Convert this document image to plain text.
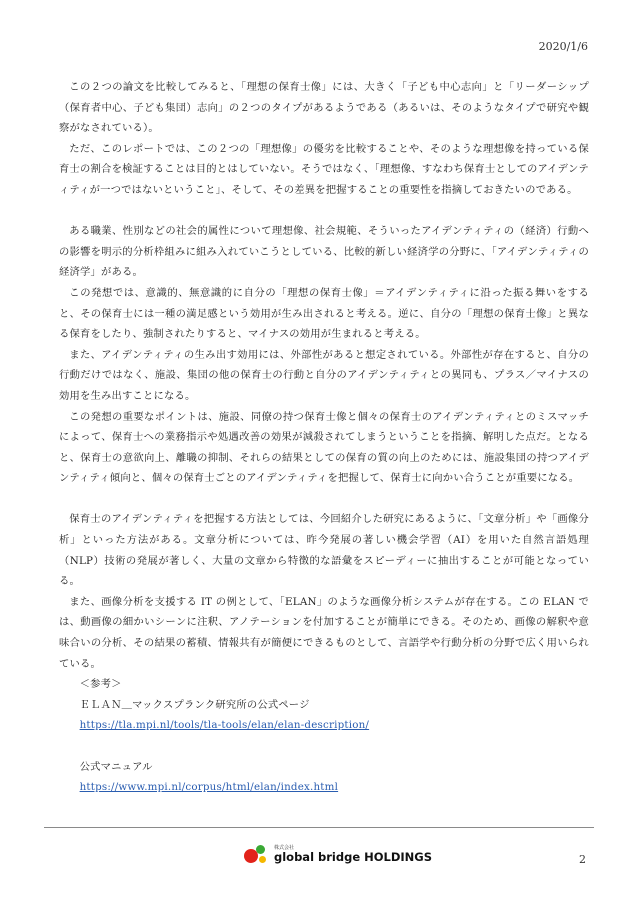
2020/1/6

この２つの論文を比較してみると、「理想の保育士像」には、大きく「子ども中心志向」と「リーダーシップ（保育者中心、子ども集団）志向」の２つのタイプがあるようである（あるいは、そのようなタイプで研究や観察がなされている）。

ただ、このレポートでは、この２つの「理想像」の優劣を比較することや、そのような理想像を持っている保育士の割合を検証することは目的とはしていない。そうではなく、「理想像、すなわち保育士としてのアイデンティティが一つではないということ」、そして、その差異を把握することの重要性を指摘しておきたいのである。

ある職業、性別などの社会的属性について理想像、社会規範、そういったアイデンティティの（経済）行動への影響を明示的分析枠組みに組み入れていこうとしている、比較的新しい経済学の分野に、「アイデンティティの経済学」がある。

この発想では、意識的、無意識的に自分の「理想の保育士像」＝アイデンティティに沿った振る舞いをすると、その保育士には一種の満足感という効用が生み出されると考える。逆に、自分の「理想の保育士像」と異なる保育をしたり、強制されたりすると、マイナスの効用が生まれると考える。

また、アイデンティティの生み出す効用には、外部性があると想定されている。外部性が存在すると、自分の行動だけではなく、施設、集団の他の保育士の行動と自分のアイデンティティとの異同も、プラス／マイナスの効用を生み出すことになる。

この発想の重要なポイントは、施設、同僚の持つ保育士像と個々の保育士のアイデンティティとのミスマッチによって、保育士への業務指示や処遇改善の効果が減殺されてしまうということを指摘、解明した点だ。となると、保育士の意欲向上、離職の抑制、それらの結果としての保育の質の向上のためには、施設集団の持つアイデンティティ傾向と、個々の保育士ごとのアイデンティティを把握して、保育士に向かい合うことが重要になる。

保育士のアイデンティティを把握する方法としては、今回紹介した研究にあるように、「文章分析」や「画像分析」といった方法がある。文章分析については、昨今発展の著しい機会学習（AI）を用いた自然言語処理（NLP）技術の発展が著しく、大量の文章から特徴的な語彙をスピーディーに抽出することが可能となっている。

また、画像分析を支援する IT の例として、「ELAN」のような画像分析システムが存在する。この ELAN では、動画像の細かいシーンに注釈、アノテーションを付加することが簡単にできる。そのため、画像の解釈や意味合いの分析、その結果の蓄積、情報共有が簡便にできるものとして、言語学や行動分析の分野で広く用いられている。

＜参考＞
ＥＬＡＮ＿マックスプランク研究所の公式ページ
https://tla.mpi.nl/tools/tla-tools/elan/elan-description/
公式マニュアル
https://www.mpi.nl/corpus/html/elan/index.html
株式会社
global bridge HOLDINGS	2
